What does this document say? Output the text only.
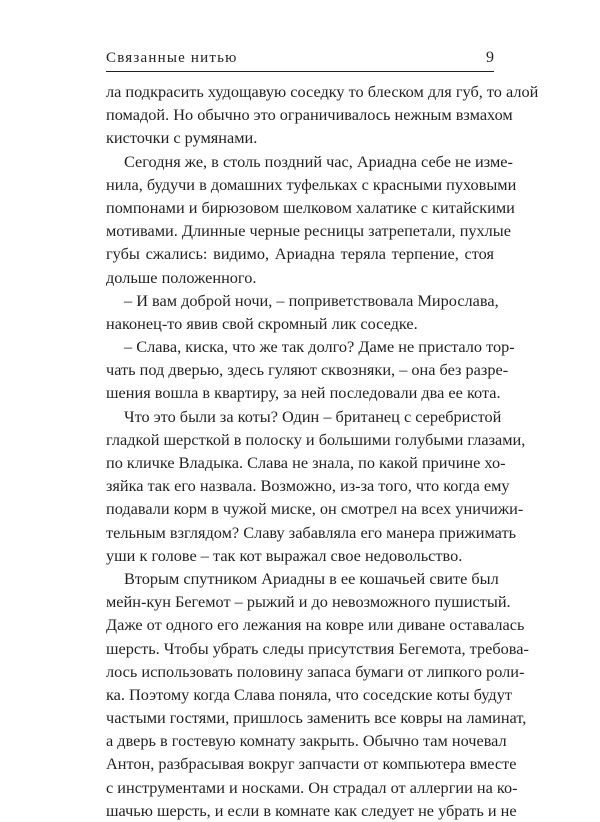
Связанные нитью	9
ла подкрасить худощавую соседку то блеском для губ, то алой
помадой. Но обычно это ограничивалось нежным взмахом
кисточки с румянами.
Сегодня же, в столь поздний час, Ариадна себе не изме-
нила, будучи в домашних туфельках с красными пуховыми
помпонами и бирюзовом шелковом халатике с китайскими
мотивами. Длинные черные ресницы затрепетали, пухлые
губы сжались: видимо, Ариадна теряла терпение, стоя
дольше положенного.
– И вам доброй ночи, – поприветствовала Мирослава,
наконец-то явив свой скромный лик соседке.
– Слава, киска, что же так долго? Даме не пристало тор-
чать под дверью, здесь гуляют сквозняки, – она без разре-
шения вошла в квартиру, за ней последовали два ее кота.
Что это были за коты? Один – британец с серебристой
гладкой шерсткой в полоску и большими голубыми глазами,
по кличке Владыка. Слава не знала, по какой причине хо-
зяйка так его назвала. Возможно, из-за того, что когда ему
подавали корм в чужой миске, он смотрел на всех уничижи-
тельным взглядом? Славу забавляла его манера прижимать
уши к голове – так кот выражал свое недовольство.
Вторым спутником Ариадны в ее кошачьей свите был
мейн-кун Бегемот – рыжий и до невозможного пушистый.
Даже от одного его лежания на ковре или диване оставалась
шерсть. Чтобы убрать следы присутствия Бегемота, требова-
лось использовать половину запаса бумаги от липкого роли-
ка. Поэтому когда Слава поняла, что соседские коты будут
частыми гостями, пришлось заменить все ковры на ламинат,
а дверь в гостевую комнату закрыть. Обычно там ночевал
Антон, разбрасывая вокруг запчасти от компьютера вместе
с инструментами и носками. Он страдал от аллергии на ко-
шачью шерсть, и если в комнате как следует не убрать и не
